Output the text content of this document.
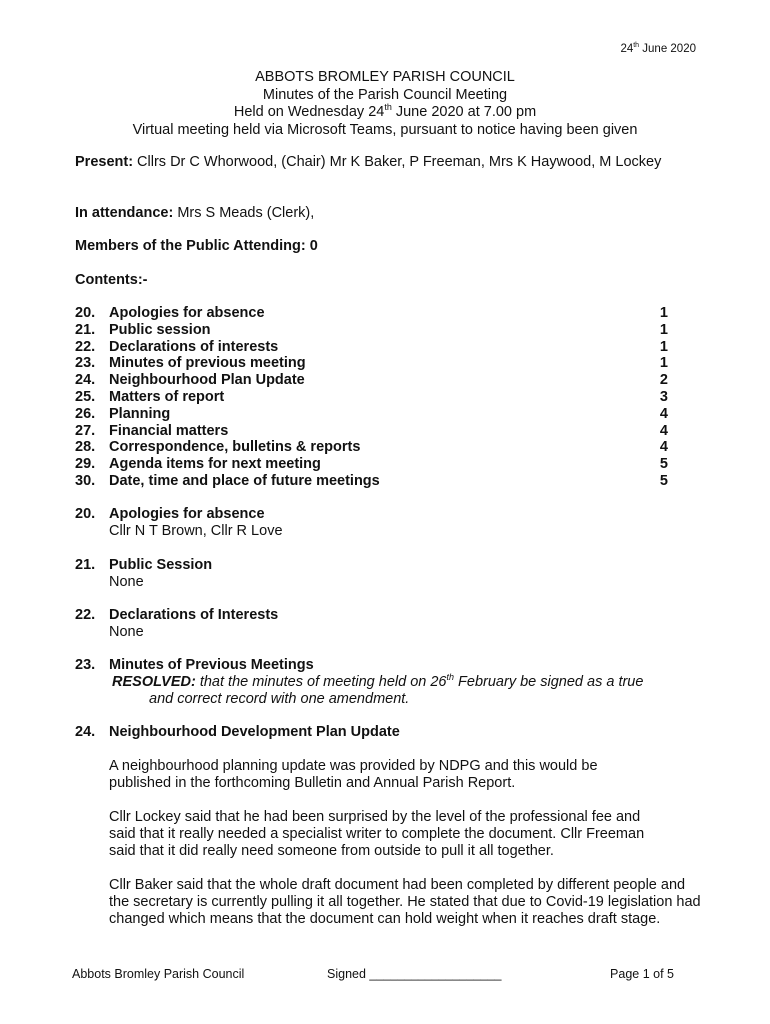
24th June 2020
ABBOTS BROMLEY PARISH COUNCIL
Minutes of the Parish Council Meeting
Held on Wednesday 24th June 2020 at 7.00 pm
Virtual meeting held via Microsoft Teams, pursuant to notice having been given
Present: Cllrs Dr C Whorwood, (Chair) Mr K Baker, P Freeman, Mrs K Haywood, M Lockey
In attendance: Mrs S Meads (Clerk),
Members of the Public Attending: 0
Contents:-
20. Apologies for absence	1
21. Public session	1
22. Declarations of interests	1
23. Minutes of previous meeting	1
24. Neighbourhood Plan Update	2
25. Matters of report	3
26. Planning	4
27. Financial matters	4
28. Correspondence, bulletins & reports	4
29. Agenda items for next meeting	5
30. Date, time and place of future meetings	5
20. Apologies for absence
Cllr N T Brown, Cllr R Love
21. Public Session
None
22. Declarations of Interests
None
23. Minutes of Previous Meetings
RESOLVED: that the minutes of meeting held on 26th February be signed as a true
and correct record with one amendment.
24. Neighbourhood Development Plan Update
A neighbourhood planning update was provided by NDPG and this would be published in the forthcoming Bulletin and Annual Parish Report.
Cllr Lockey said that he had been surprised by the level of the professional fee and said that it really needed a specialist writer to complete the document. Cllr Freeman said that it did really need someone from outside to pull it all together.
Cllr Baker said that the whole draft document had been completed by different people and the secretary is currently pulling it all together. He stated that due to Covid-19 legislation had changed which means that the document can hold weight when it reaches draft stage.
Abbots Bromley Parish Council	Signed ___________________	Page 1 of 5
